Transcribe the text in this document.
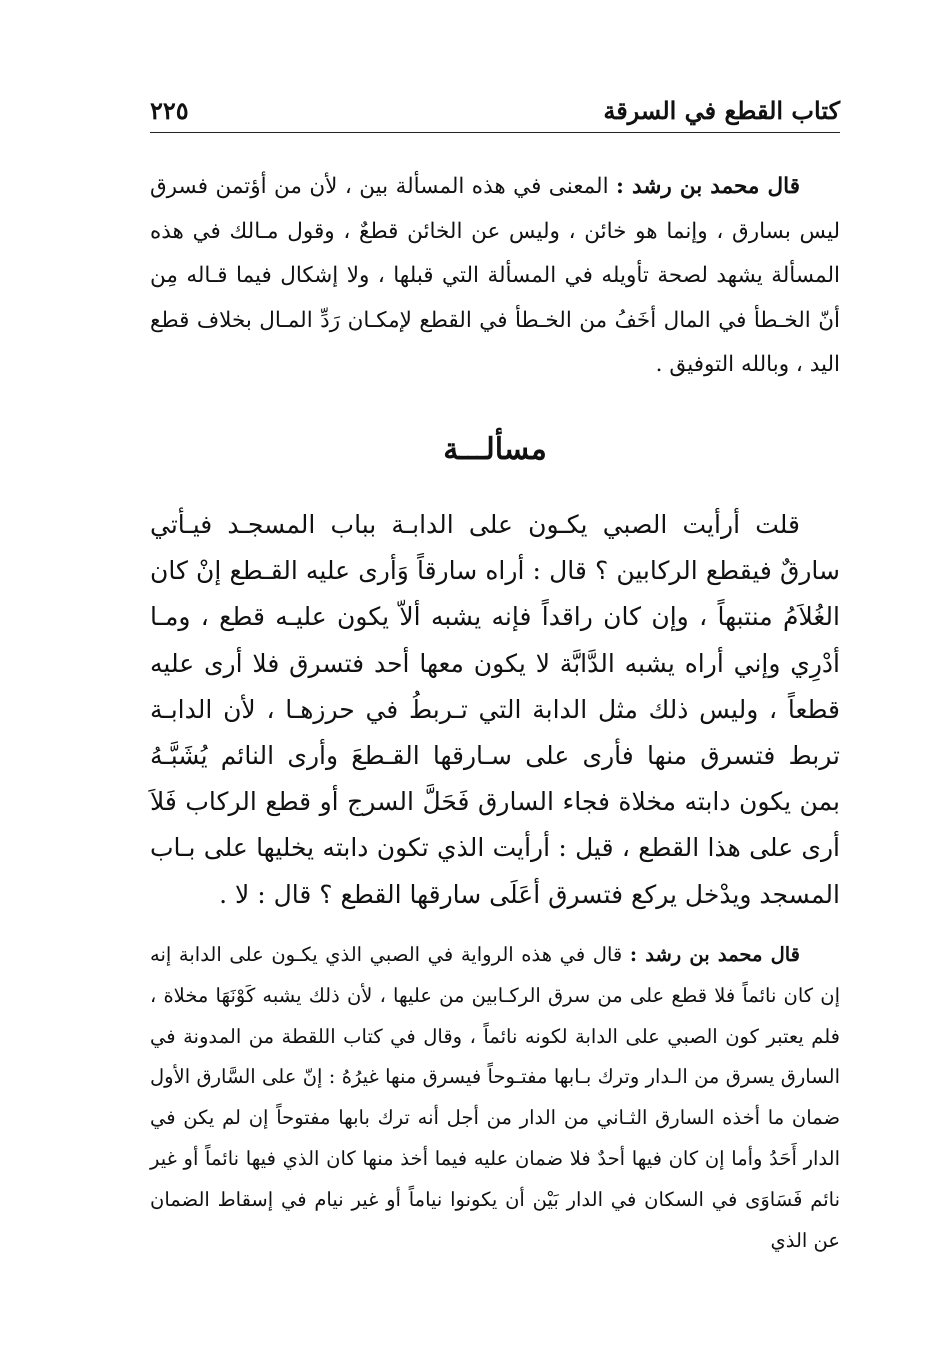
كتاب القطع في السرقة
٢٢٥

قال محمد بن رشد : المعنى في هذه المسألة بين ، لأن من أؤتمن فسرق ليس بسارق ، وإنما هو خائن ، وليس عن الخائن قطعٌ ، وقول مـالك في هذه المسألة يشهد لصحة تأويله في المسألة التي قبلها ، ولا إشكال فيما قـاله مِن أنّ الخـطأ في المال أخَفُ من الخـطأ في القطع لإمكـان رَدِّ المـال بخلاف قطع اليد ، وبالله التوفيق .

مسألـــة

قلت أرأيت الصبي يكـون على الدابـة بباب المسجـد فيـأتي سارقٌ فيقطع الركابين ؟ قال : أراه سارقاً وَأرى عليه القـطع إنْ كان الغُلاَمُ منتبهاً ، وإن كان راقداً فإنه يشبه ألاّ يكون عليـه قطع ، ومـا أدْرِي وإني أراه يشبه الدَّابَّة لا يكون معها أحد فتسرق فلا أرى عليه قطعاً ، وليس ذلك مثل الدابة التي تـربطُ في حرزهـا ، لأن الدابـة تربط فتسرق منها فأرى على سـارقها القـطعَ وأرى النائم يُشَبَّـهُ بمن يكون دابته مخلاة فجاء السارق فَحَلَّ السرج أو قطع الركاب فَلاَ أرى على هذا القطع ، قيل : أرأيت الذي تكون دابته يخليها على بـاب المسجد ويدْخل يركع فتسرق أعَلَى سارقها القطع ؟ قال : لا .

قال محمد بن رشد : قال في هذه الرواية في الصبي الذي يكـون على الدابة إنه إن كان نائماً فلا قطع على من سرق الركـابين من عليها ، لأن ذلك يشبه كَوْنَهَا مخلاة ، فلم يعتبر كون الصبي على الدابة لكونه نائماً ، وقال في كتاب اللقطة من المدونة في السارق يسرق من الـدار وترك بـابها مفتـوحاً فيسرق منها غيرُهُ : إنّ على السَّارق الأول ضمان ما أخذه السارق الثـاني من الدار من أجل أنه ترك بابها مفتوحاً إن لم يكن في الدار أَحَدُ وأما إن كان فيها أحدٌ فلا ضمان عليه فيما أخذ منها كان الذي فيها نائماً أو غير نائم فَسَاوَى في السكان في الدار بَيْن أن يكونوا نياماً أو غير نيام في إسقاط الضمان عن الذي
